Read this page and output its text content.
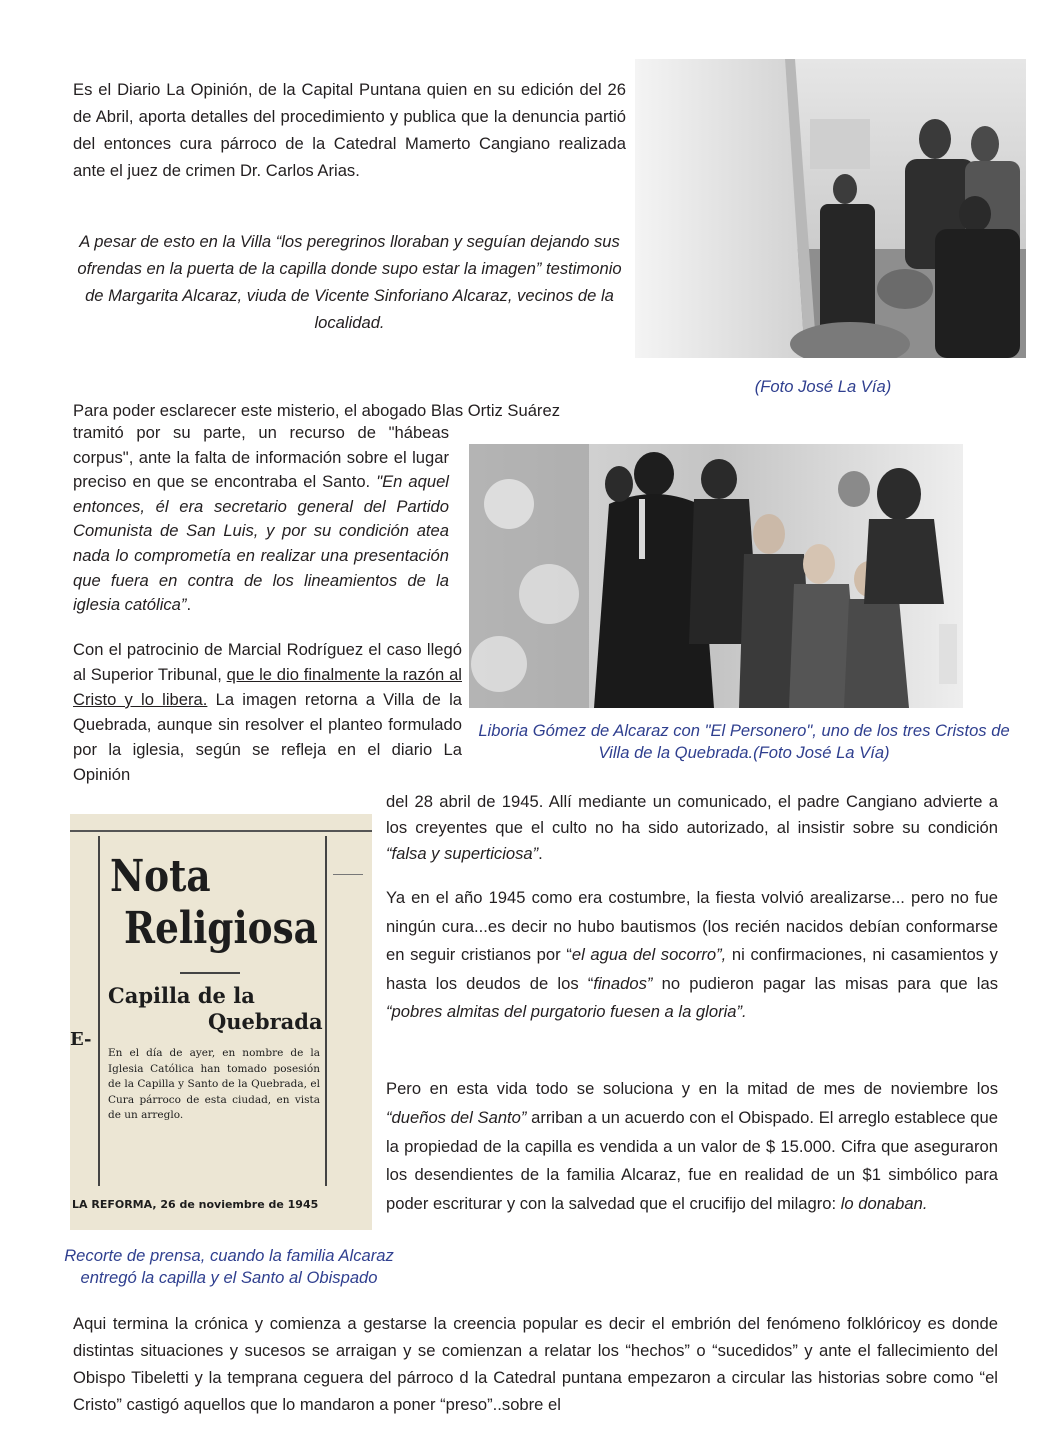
Es el Diario La Opinión, de la Capital Puntana quien en su edición del 26 de Abril, aporta detalles del procedimiento y publica que la denuncia partió del entonces cura párroco de la Catedral Mamerto Cangiano realizada ante el juez de crimen Dr. Carlos Arias.

A pesar de esto en la Villa “los peregrinos lloraban y seguían dejando sus ofrendas en la puerta de la capilla donde supo estar la imagen” testimonio de Margarita Alcaraz, viuda de Vicente Sinforiano Alcaraz, vecinos de la localidad.

(Foto José La Vía)

Para poder esclarecer este misterio, el abogado Blas Ortiz Suárez

tramitó por su parte, un recurso de "hábeas corpus", ante la falta de información sobre el lugar preciso en que se encontraba el Santo. "En aquel entonces, él era secretario general del Partido Comunista de San Luis, y por su condición atea nada lo comprometía en realizar una presentación que fuera en contra de los lineamientos de la iglesia católica”.

Con el patrocinio de Marcial Rodríguez el caso llegó al Superior Tribunal, que le dio finalmente la razón al Cristo y lo libera. La imagen retorna a Villa de la Quebrada, aunque sin resolver el planteo formulado por la iglesia, según se refleja en el diario La Opinión

Liboria Gómez de Alcaraz con "El Personero", uno de los tres Cristos de Villa de la Quebrada.(Foto José La Vía)

del 28 abril de 1945. Allí mediante un comunicado, el padre Cangiano advierte a los creyentes que el culto no ha sido autorizado, al insistir sobre su condición “falsa y superticiosa”.

Ya en el año 1945 como era costumbre, la fiesta volvió arealizarse... pero no fue ningún cura...es decir no hubo bautismos (los recién nacidos debían conformarse en seguir cristianos por “el agua del socorro”, ni confirmaciones, ni casamientos y hasta los deudos de los “finados” no pudieron pagar las misas para que las “pobres almitas del purgatorio fuesen a la gloria”.

Pero en esta vida todo se soluciona y en la mitad de mes de noviembre los “dueños del Santo” arriban a un acuerdo con el Obispado. El arreglo establece que la propiedad de la capilla es vendida a un valor de $ 15.000. Cifra que aseguraron los desendientes de la familia Alcaraz, fue en realidad de un $1 simbólico para poder escriturar y con la salvedad que el crucifijo del milagro: lo donaban.

Nota
Religiosa
Capilla de la
Quebrada
En el día de ayer, en nombre de la Iglesia Católica han tomado posesión de la Capilla y Santo de la Quebrada, el Cura párroco de esta ciudad, en vista de un arreglo.
E-
LA REFORMA, 26 de noviembre de 1945

Recorte de prensa, cuando la familia Alcaraz entregó la capilla y el Santo al Obispado

Aqui termina la crónica y comienza a gestarse la creencia popular es decir el embrión del fenómeno folklóricoy es donde distintas situaciones y sucesos se arraigan y se comienzan a relatar los “hechos” o “sucedidos” y ante el fallecimiento del Obispo Tibeletti y la temprana ceguera del párroco d la Catedral puntana empezaron a circular las historias sobre como “el Cristo” castigó aquellos que lo mandaron a poner “preso”..sobre el
